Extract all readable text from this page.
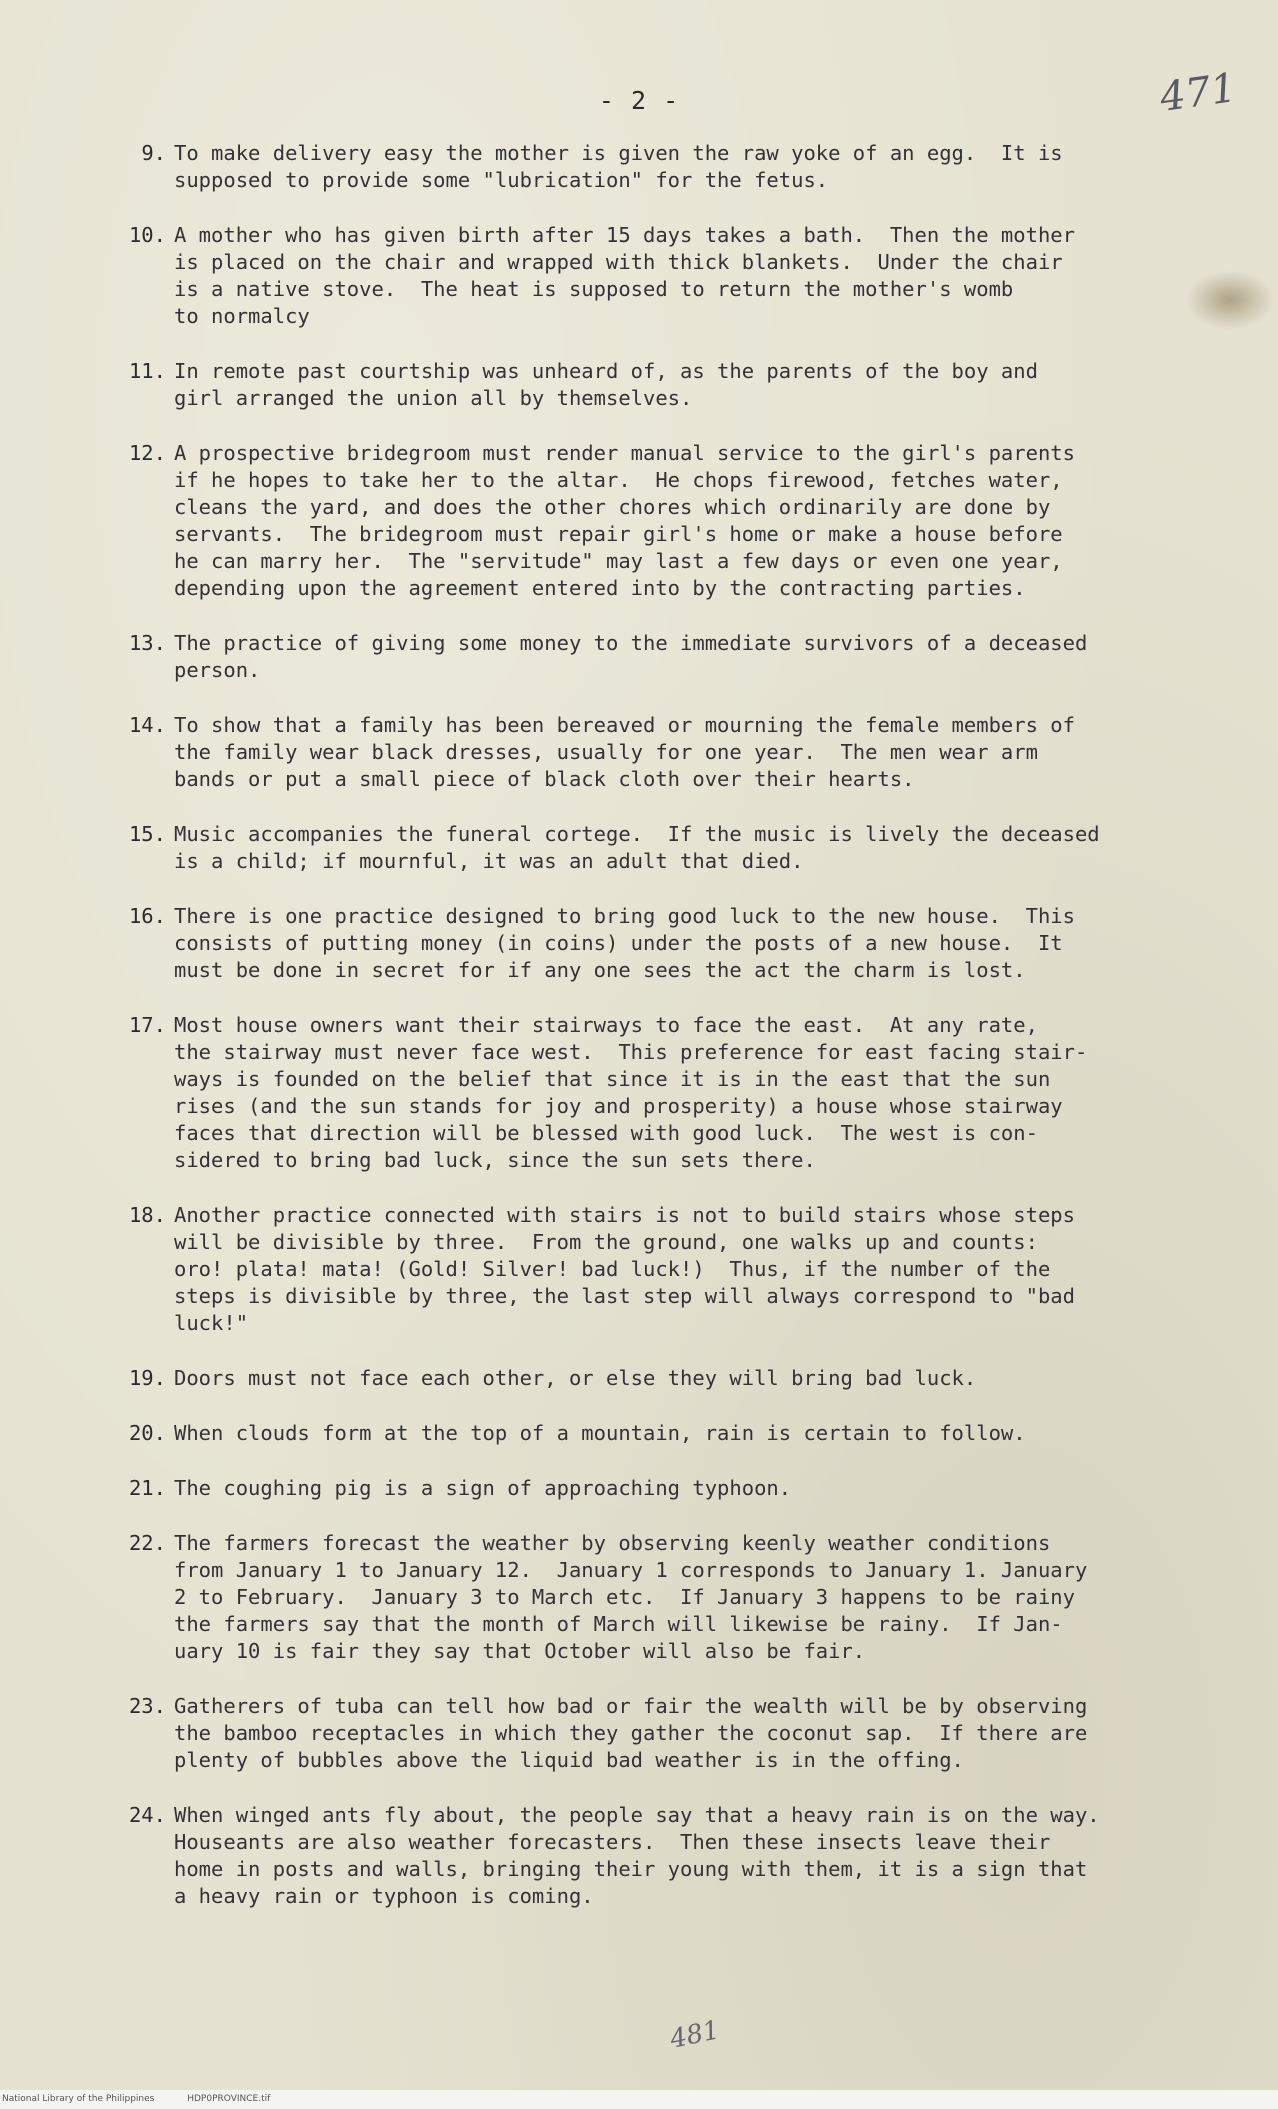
- 2 -	471
9. To make delivery easy the mother is given the raw yoke of an egg.  It is
supposed to provide some "lubrication" for the fetus.
10. A mother who has given birth after 15 days takes a bath.  Then the mother
is placed on the chair and wrapped with thick blankets.  Under the chair
is a native stove.  The heat is supposed to return the mother's womb
to normalcy
11. In remote past courtship was unheard of, as the parents of the boy and
girl arranged the union all by themselves.
12. A prospective bridegroom must render manual service to the girl's parents
if he hopes to take her to the altar.  He chops firewood, fetches water,
cleans the yard, and does the other chores which ordinarily are done by
servants.  The bridegroom must repair girl's home or make a house before
he can marry her.  The "servitude" may last a few days or even one year,
depending upon the agreement entered into by the contracting parties.
13. The practice of giving some money to the immediate survivors of a deceased
person.
14. To show that a family has been bereaved or mourning the female members of
the family wear black dresses, usually for one year.  The men wear arm
bands or put a small piece of black cloth over their hearts.
15. Music accompanies the funeral cortege.  If the music is lively the deceased
is a child; if mournful, it was an adult that died.
16. There is one practice designed to bring good luck to the new house.  This
consists of putting money (in coins) under the posts of a new house.  It
must be done in secret for if any one sees the act the charm is lost.
17. Most house owners want their stairways to face the east.  At any rate,
the stairway must never face west.  This preference for east facing stair-
ways is founded on the belief that since it is in the east that the sun
rises (and the sun stands for joy and prosperity) a house whose stairway
faces that direction will be blessed with good luck.  The west is con-
sidered to bring bad luck, since the sun sets there.
18. Another practice connected with stairs is not to build stairs whose steps
will be divisible by three.  From the ground, one walks up and counts:
oro! plata! mata! (Gold! Silver! bad luck!)  Thus, if the number of the
steps is divisible by three, the last step will always correspond to "bad
luck!"
19. Doors must not face each other, or else they will bring bad luck.
20. When clouds form at the top of a mountain, rain is certain to follow.
21. The coughing pig is a sign of approaching typhoon.
22. The farmers forecast the weather by observing keenly weather conditions
from January 1 to January 12.  January 1 corresponds to January 1. January
2 to February.  January 3 to March etc.  If January 3 happens to be rainy
the farmers say that the month of March will likewise be rainy.  If Jan-
uary 10 is fair they say that October will also be fair.
23. Gatherers of tuba can tell how bad or fair the wealth will be by observing
the bamboo receptacles in which they gather the coconut sap.  If there are
plenty of bubbles above the liquid bad weather is in the offing.
24. When winged ants fly about, the people say that a heavy rain is on the way.
Houseants are also weather forecasters.  Then these insects leave their
home in posts and walls, bringing their young with them, it is a sign that
a heavy rain or typhoon is coming.
481
National Library of the Philippines	HDP0PROVINCE.tif
